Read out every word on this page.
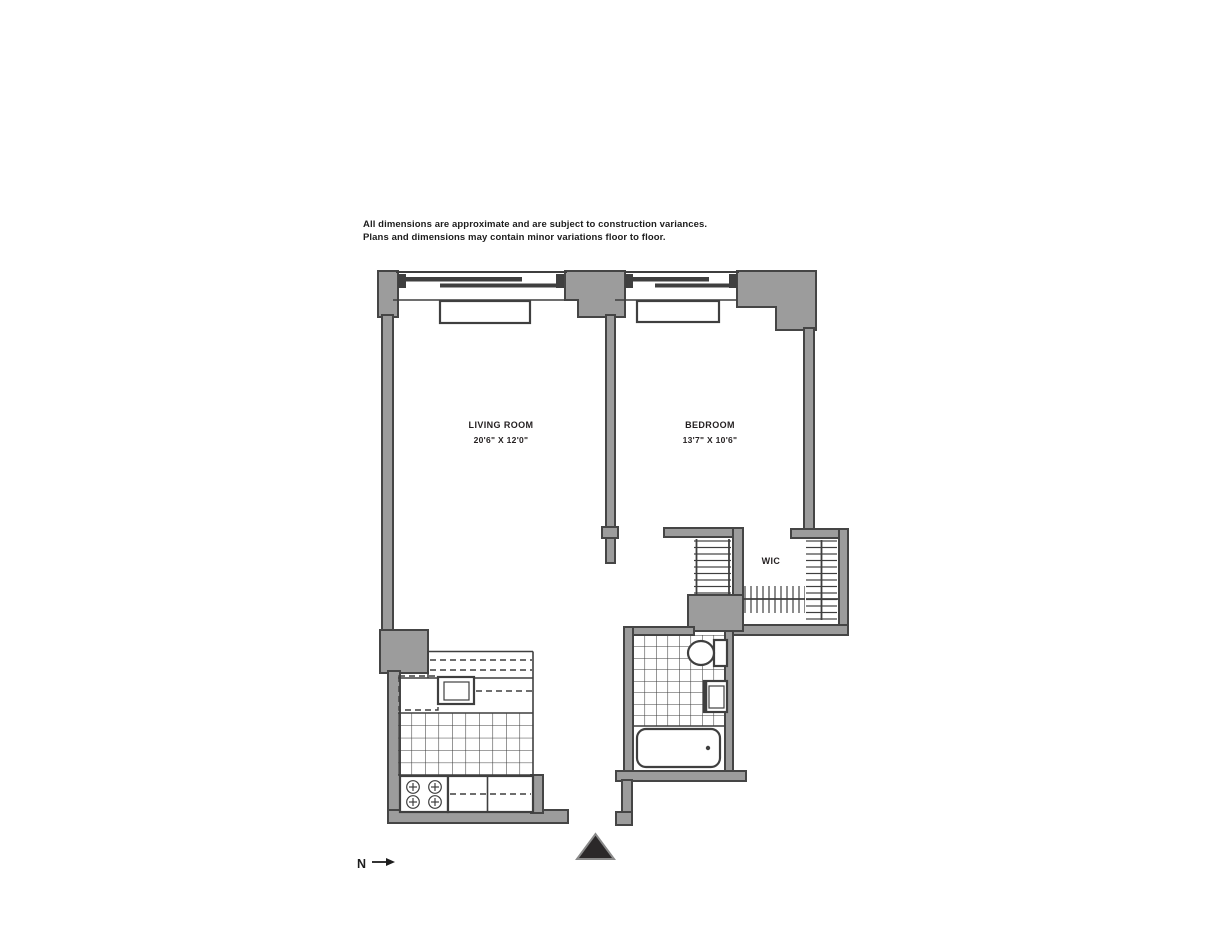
All dimensions are approximate and are subject to construction variances.
Plans and dimensions may contain minor variations floor to floor.
LIVING ROOM
20'6" X 12'0"
BEDROOM
13'7" X 10'6"
WIC
N
